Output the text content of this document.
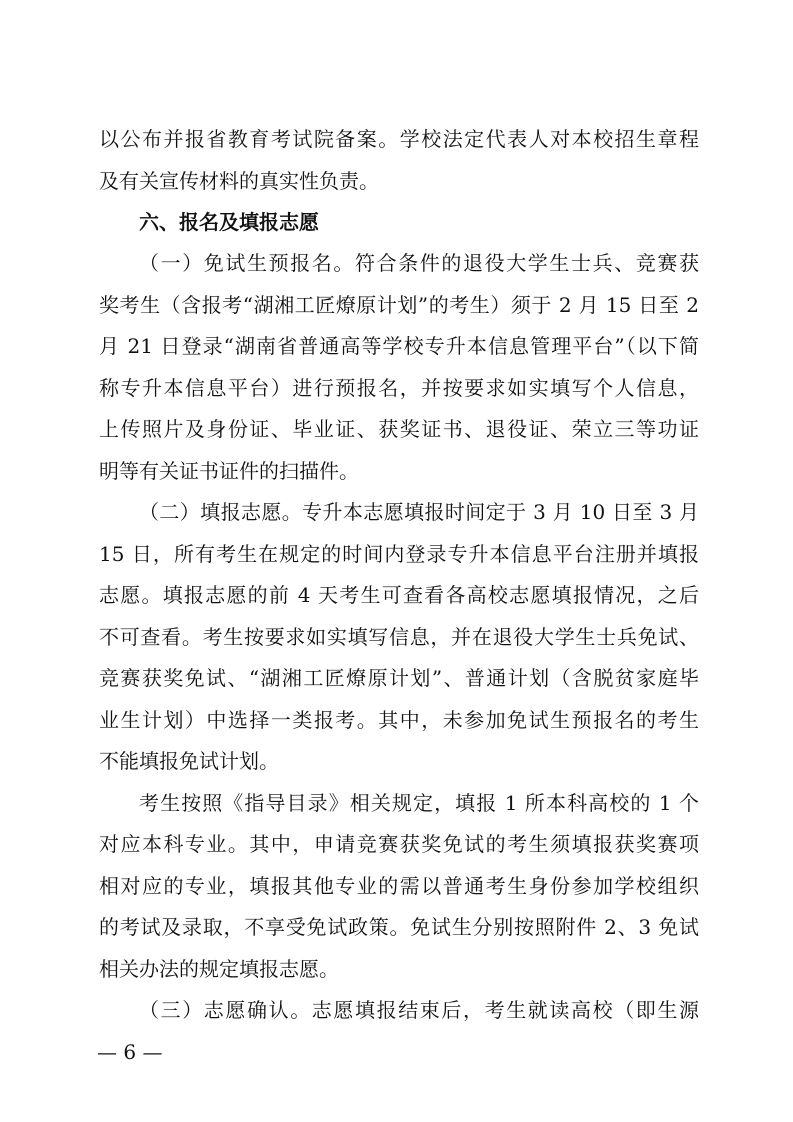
以公布并报省教育考试院备案。学校法定代表人对本校招生章程
及有关宣传材料的真实性负责。
六、报名及填报志愿
（一）免试生预报名。符合条件的退役大学生士兵、竞赛获
奖考生（含报考“湖湘工匠燎原计划”的考生）须于 2 月 15 日至 2
月 21 日登录“湖南省普通高等学校专升本信息管理平台”（以下简
称专升本信息平台）进行预报名，并按要求如实填写个人信息，
上传照片及身份证、毕业证、获奖证书、退役证、荣立三等功证
明等有关证书证件的扫描件。
（二）填报志愿。专升本志愿填报时间定于 3 月 10 日至 3 月
15 日，所有考生在规定的时间内登录专升本信息平台注册并填报
志愿。填报志愿的前 4 天考生可查看各高校志愿填报情况，之后
不可查看。考生按要求如实填写信息，并在退役大学生士兵免试、
竞赛获奖免试、“湖湘工匠燎原计划”、普通计划（含脱贫家庭毕
业生计划）中选择一类报考。其中，未参加免试生预报名的考生
不能填报免试计划。
考生按照《指导目录》相关规定，填报 1 所本科高校的 1 个
对应本科专业。其中，申请竞赛获奖免试的考生须填报获奖赛项
相对应的专业，填报其他专业的需以普通考生身份参加学校组织
的考试及录取，不享受免试政策。免试生分别按照附件 2、3 免试
相关办法的规定填报志愿。
（三）志愿确认。志愿填报结束后，考生就读高校（即生源
— 6 —
